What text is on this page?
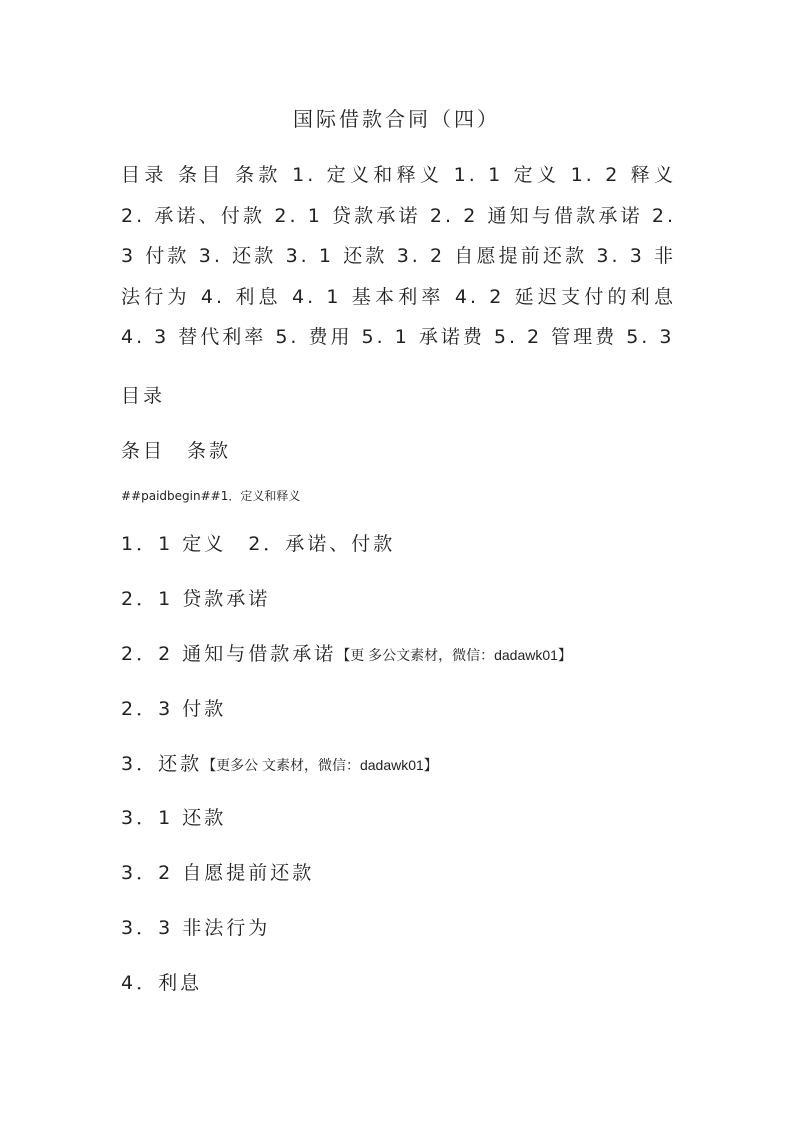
国际借款合同（四）
目录 条目 条款 1. 定义和释义 1. 1 定义 1. 2 释义 2. 承诺、付款 2. 1 贷款承诺 2. 2 通知与借款承诺 2. 3 付款 3. 还款 3. 1 还款 3. 2 自愿提前还款 3. 3 非法行为 4. 利息 4. 1 基本利率 4. 2 延迟支付的利息 4. 3 替代利率 5. 费用 5. 1 承诺费 5. 2 管理费 5. 3
目录
条目　条款
##paidbegin##1．定义和释义
1．1 定义　2．承诺、付款
2．1 贷款承诺
2．2 通知与借款承诺【更 多公文素材，微信：dadawk01】
2．3 付款
3．还款【更多公 文素材，微信：dadawk01】
3．1 还款
3．2 自愿提前还款
3．3 非法行为
4．利息
